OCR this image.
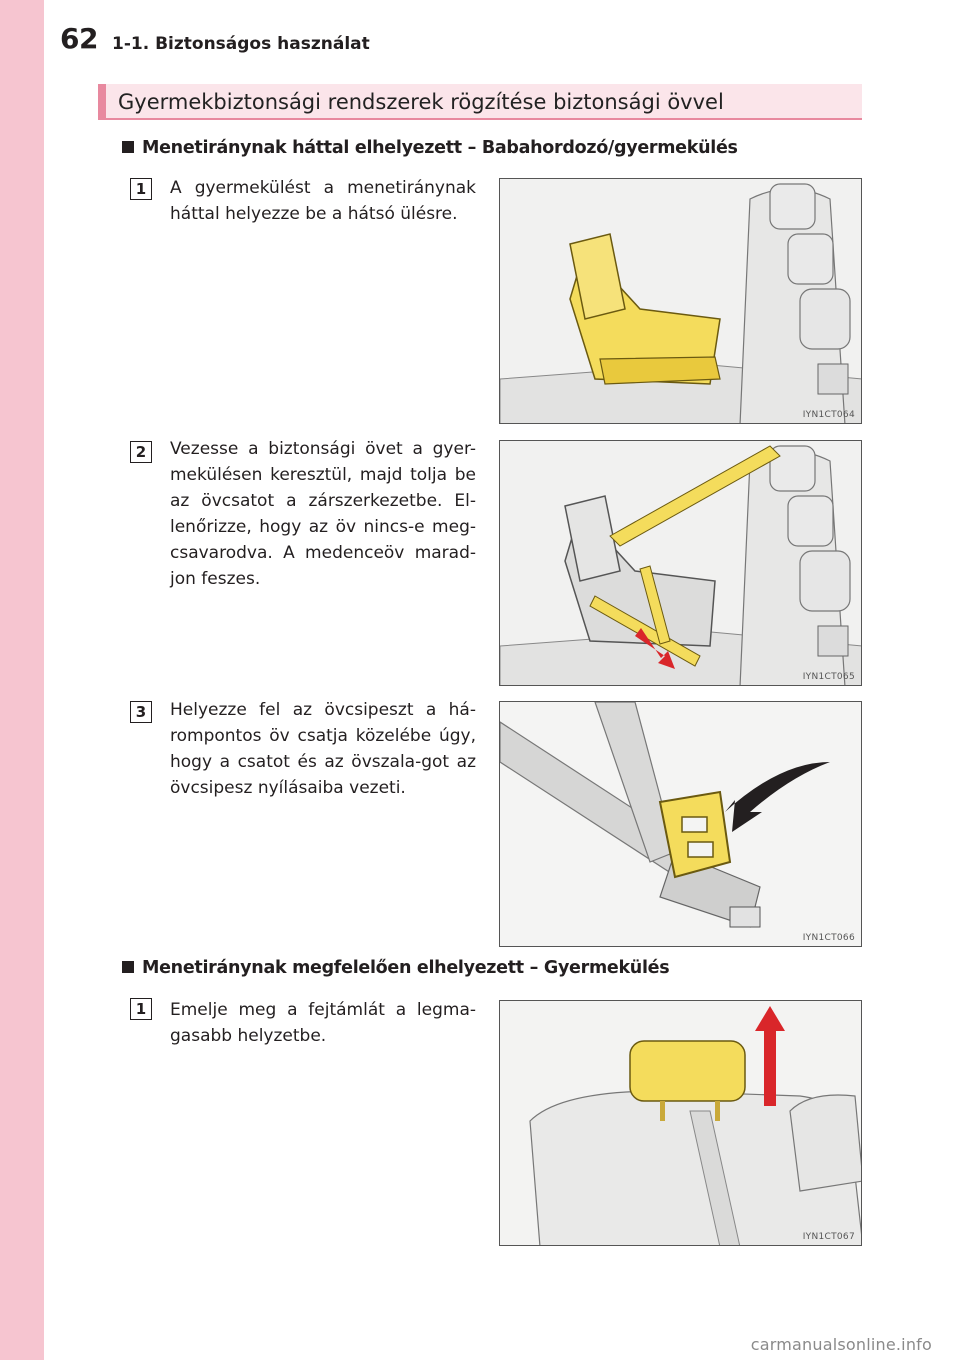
62 1-1. Biztonságos használat
Gyermekbiztonsági rendszerek rögzítése biztonsági övvel
Menetiránynak háttal elhelyezett – Babahordozó/gyermekülés
1	A gyermekülést a menetiránynak háttal helyezze be a hátsó ülésre.
IYN1CT064
2	Vezesse a biztonsági övet a gyer-mekülésen keresztül, majd tolja be az övcsatot a zárszerkezetbe. El-lenőrizze, hogy az öv nincs-e meg-csavarodva. A medenceöv marad-jon feszes.
IYN1CT065
3	Helyezze fel az övcsipeszt a há-rompontos öv csatja közelébe úgy, hogy a csatot és az övszala-got az övcsipesz nyílásaiba vezeti.
IYN1CT066
Menetiránynak megfelelően elhelyezett – Gyermekülés
1	Emelje meg a fejtámlát a legma-gasabb helyzetbe.
IYN1CT067
carmanualsonline.info
